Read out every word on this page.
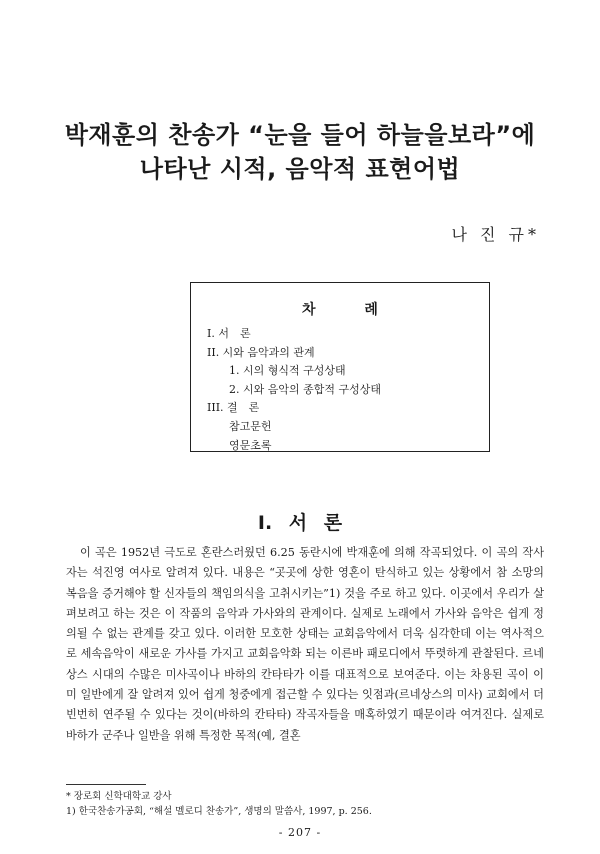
박재훈의 찬송가 “눈을 들어 하늘을보라”에
나타난 시적, 음악적 표현어법
나 진 규*
차 례
I. 서　론
II. 시와 음악과의 관계
1. 시의 형식적 구성상태
2. 시와 음악의 종합적 구성상태
III. 결　론
참고문헌
영문초록
I. 서 론

이 곡은 1952년 극도로 혼란스러웠던 6.25 동란시에 박재훈에 의해 작곡되었다. 이 곡의 작사자는 석진영 여사로 알려져 있다. 내용은 “곳곳에 상한 영혼이 탄식하고 있는 상황에서 참 소망의 복음을 증거해야 할 신자들의 책임의식을 고취시키는”1) 것을 주로 하고 있다. 이곳에서 우리가 살펴보려고 하는 것은 이 작품의 음악과 가사와의 관계이다. 실제로 노래에서 가사와 음악은 쉽게 정의될 수 없는 관계를 갖고 있다. 이러한 모호한 상태는 교회음악에서 더욱 심각한데 이는 역사적으로 세속음악이 새로운 가사를 가지고 교회음악화 되는 이른바 패로디에서 뚜렷하게 관찰된다. 르네상스 시대의 수많은 미사곡이나 바하의 칸타타가 이를 대표적으로 보여준다. 이는 차용된 곡이 이미 일반에게 잘 알려져 있어 쉽게 청중에게 접근할 수 있다는 잇점과(르네상스의 미사) 교회에서 더 빈번히 연주될 수 있다는 것이(바하의 칸타타) 작곡자들을 매혹하였기 때문이라 여겨진다. 실제로 바하가 군주나 일반을 위해 특정한 목적(예, 결혼

* 장로회 신학대학교 강사
1) 한국찬송가공회, “해설 멜로디 찬송가”, 생명의 말씀사, 1997, p. 256.
- 207 -
